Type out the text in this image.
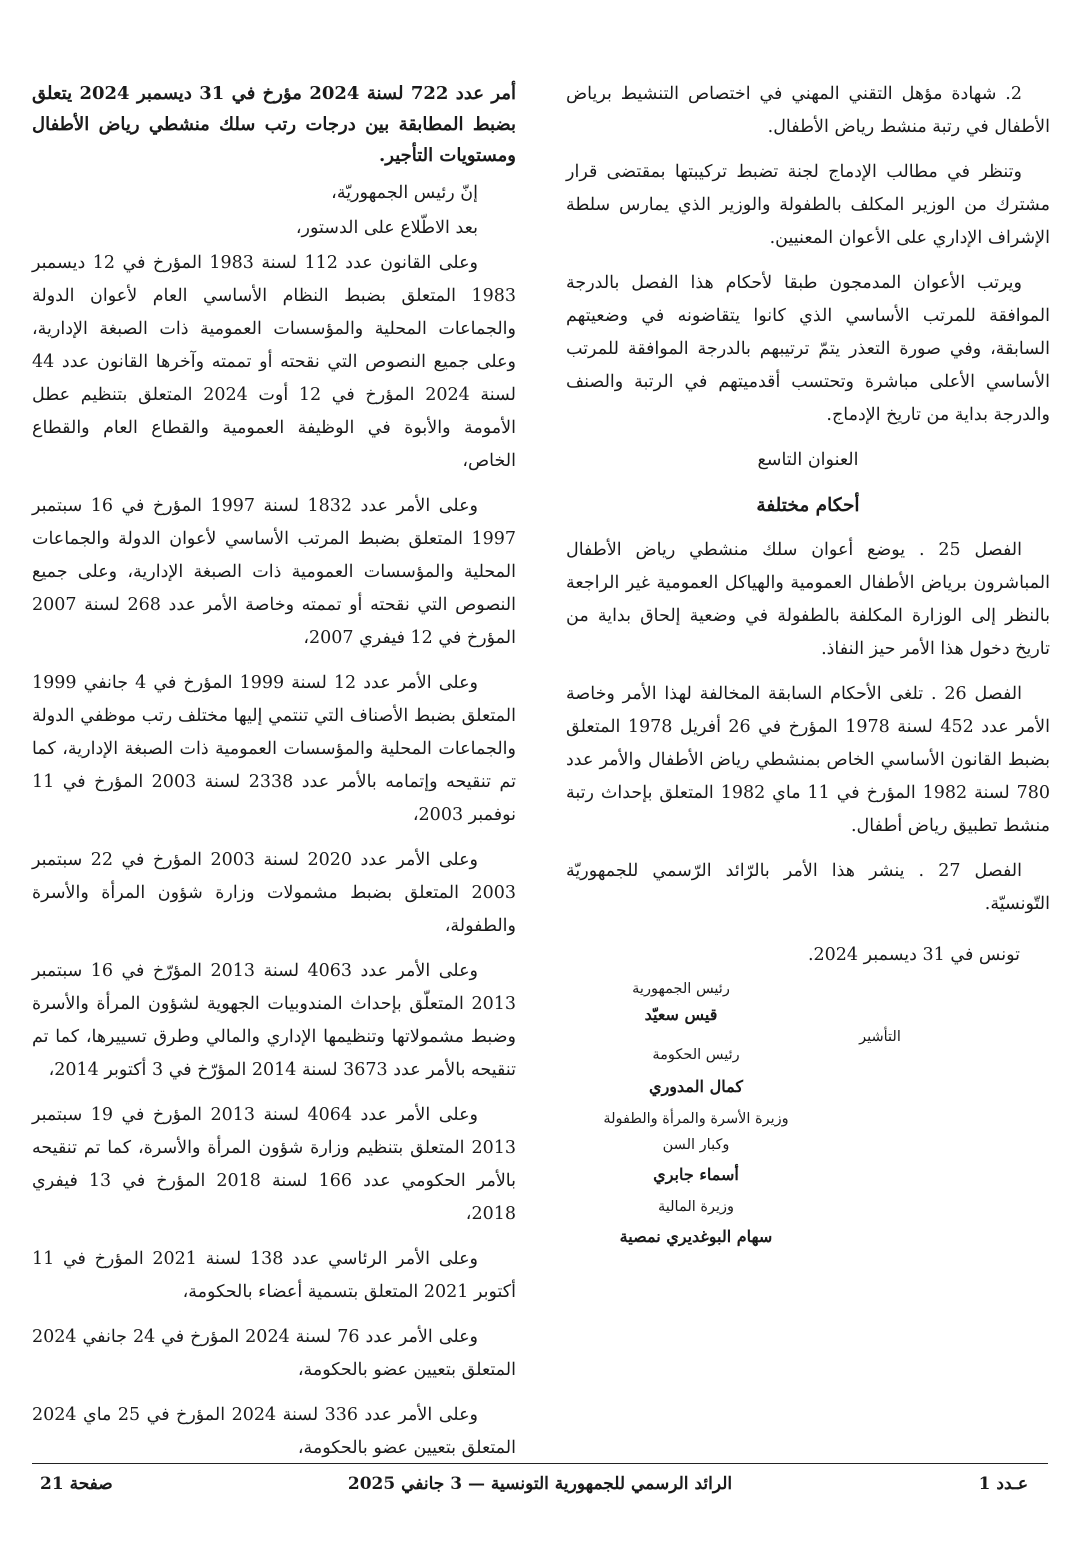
2. شهادة مؤهل التقني المهني في اختصاص التنشيط برياض الأطفال في رتبة منشط رياض الأطفال.

وتنظر في مطالب الإدماج لجنة تضبط تركيبتها بمقتضى قرار مشترك من الوزير المكلف بالطفولة والوزير الذي يمارس سلطة الإشراف الإداري على الأعوان المعنيين.

ويرتب الأعوان المدمجون طبقا لأحكام هذا الفصل بالدرجة الموافقة للمرتب الأساسي الذي كانوا يتقاضونه في وضعيتهم السابقة، وفي صورة التعذر يتمّ ترتيبهم بالدرجة الموافقة للمرتب الأساسي الأعلى مباشرة وتحتسب أقدميتهم في الرتبة والصنف والدرجة بداية من تاريخ الإدماج.

العنوان التاسع

أحكام مختلفة

الفصل 25 . يوضع أعوان سلك منشطي رياض الأطفال المباشرون برياض الأطفال العمومية والهياكل العمومية غير الراجعة بالنظر إلى الوزارة المكلفة بالطفولة في وضعية إلحاق بداية من تاريخ دخول هذا الأمر حيز النفاذ.

الفصل 26 . تلغى الأحكام السابقة المخالفة لهذا الأمر وخاصة الأمر عدد 452 لسنة 1978 المؤرخ في 26 أفريل 1978 المتعلق بضبط القانون الأساسي الخاص بمنشطي رياض الأطفال والأمر عدد 780 لسنة 1982 المؤرخ في 11 ماي 1982 المتعلق بإحداث رتبة منشط تطبيق رياض أطفال.

الفصل 27 . ينشر هذا الأمر بالرّائد الرّسمي للجمهوريّة التّونسيّة.

تونس في 31 ديسمبر 2024.

رئيس الجمهورية
قيس سعيّد
التأشير
رئيس الحكومة
كمال المدوري
وزيرة الأسرة والمرأة والطفولة
وكبار السن
أسماء جابري
وزيرة المالية
سهام البوغديري نمصية

أمر عدد 722 لسنة 2024 مؤرخ في 31 ديسمبر 2024 يتعلق بضبط المطابقة بين درجات رتب سلك منشطي رياض الأطفال ومستويات التأجير.

إنّ رئيس الجمهوريّة،

بعد الاطّلاع على الدستور،

وعلى القانون عدد 112 لسنة 1983 المؤرخ في 12 ديسمبر 1983 المتعلق بضبط النظام الأساسي العام لأعوان الدولة والجماعات المحلية والمؤسسات العمومية ذات الصبغة الإدارية، وعلى جميع النصوص التي نقحته أو تممته وآخرها القانون عدد 44 لسنة 2024 المؤرخ في 12 أوت 2024 المتعلق بتنظيم عطل الأمومة والأبوة في الوظيفة العمومية والقطاع العام والقطاع الخاص،

وعلى الأمر عدد 1832 لسنة 1997 المؤرخ في 16 سبتمبر 1997 المتعلق بضبط المرتب الأساسي لأعوان الدولة والجماعات المحلية والمؤسسات العمومية ذات الصبغة الإدارية، وعلى جميع النصوص التي نقحته أو تممته وخاصة الأمر عدد 268 لسنة 2007 المؤرخ في 12 فيفري 2007،

وعلى الأمر عدد 12 لسنة 1999 المؤرخ في 4 جانفي 1999 المتعلق بضبط الأصناف التي تنتمي إليها مختلف رتب موظفي الدولة والجماعات المحلية والمؤسسات العمومية ذات الصبغة الإدارية، كما تم تنقيحه وإتمامه بالأمر عدد 2338 لسنة 2003 المؤرخ في 11 نوفمبر 2003،

وعلى الأمر عدد 2020 لسنة 2003 المؤرخ في 22 سبتمبر 2003 المتعلق بضبط مشمولات وزارة شؤون المرأة والأسرة والطفولة،

وعلى الأمر عدد 4063 لسنة 2013 المؤرّخ في 16 سبتمبر 2013 المتعلّق بإحداث المندوبيات الجهوية لشؤون المرأة والأسرة وضبط مشمولاتها وتنظيمها الإداري والمالي وطرق تسييرها، كما تم تنقيحه بالأمر عدد 3673 لسنة 2014 المؤرّخ في 3 أكتوبر 2014،

وعلى الأمر عدد 4064 لسنة 2013 المؤرخ في 19 سبتمبر 2013 المتعلق بتنظيم وزارة شؤون المرأة والأسرة، كما تم تنقيحه بالأمر الحكومي عدد 166 لسنة 2018 المؤرخ في 13 فيفري 2018،

وعلى الأمر الرئاسي عدد 138 لسنة 2021 المؤرخ في 11 أكتوبر 2021 المتعلق بتسمية أعضاء بالحكومة،

وعلى الأمر عدد 76 لسنة 2024 المؤرخ في 24 جانفي 2024 المتعلق بتعيين عضو بالحكومة،

وعلى الأمر عدد 336 لسنة 2024 المؤرخ في 25 ماي 2024 المتعلق بتعيين عضو بالحكومة،

عـدد 1
الرائد الرسمي للجمهورية التونسية — 3 جانفي 2025
صفحة 21
